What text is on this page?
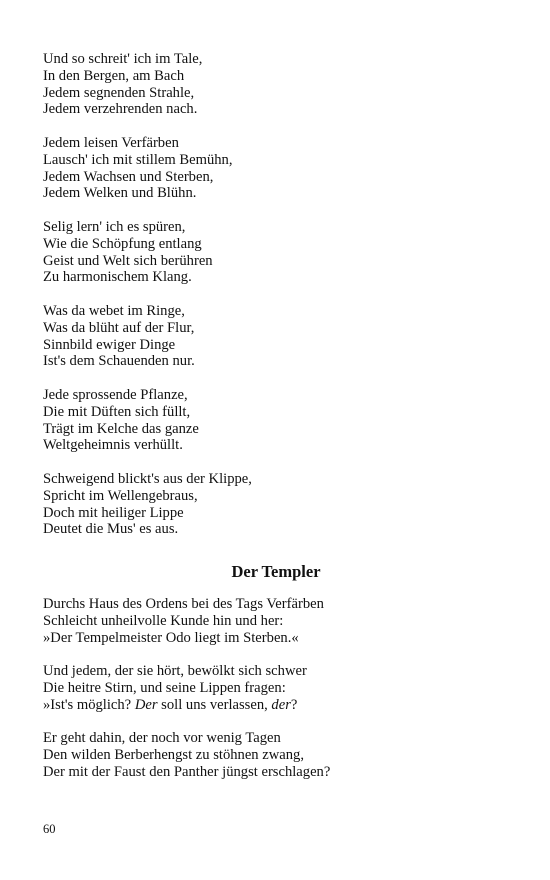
Und so schreit' ich im Tale,
In den Bergen, am Bach
Jedem segnenden Strahle,
Jedem verzehrenden nach.
Jedem leisen Verfärben
Lausch' ich mit stillem Bemühn,
Jedem Wachsen und Sterben,
Jedem Welken und Blühn.
Selig lern' ich es spüren,
Wie die Schöpfung entlang
Geist und Welt sich berühren
Zu harmonischem Klang.
Was da webet im Ringe,
Was da blüht auf der Flur,
Sinnbild ewiger Dinge
Ist's dem Schauenden nur.
Jede sprossende Pflanze,
Die mit Düften sich füllt,
Trägt im Kelche das ganze
Weltgeheimnis verhüllt.
Schweigend blickt's aus der Klippe,
Spricht im Wellengebraus,
Doch mit heiliger Lippe
Deutet die Mus' es aus.
Der Templer
Durchs Haus des Ordens bei des Tags Verfärben
Schleicht unheilvolle Kunde hin und her:
»Der Tempelmeister Odo liegt im Sterben.«
Und jedem, der sie hört, bewölkt sich schwer
Die heitre Stirn, und seine Lippen fragen:
»Ist's möglich? Der soll uns verlassen, der?
Er geht dahin, der noch vor wenig Tagen
Den wilden Berberhengst zu stöhnen zwang,
Der mit der Faust den Panther jüngst erschlagen?
60
